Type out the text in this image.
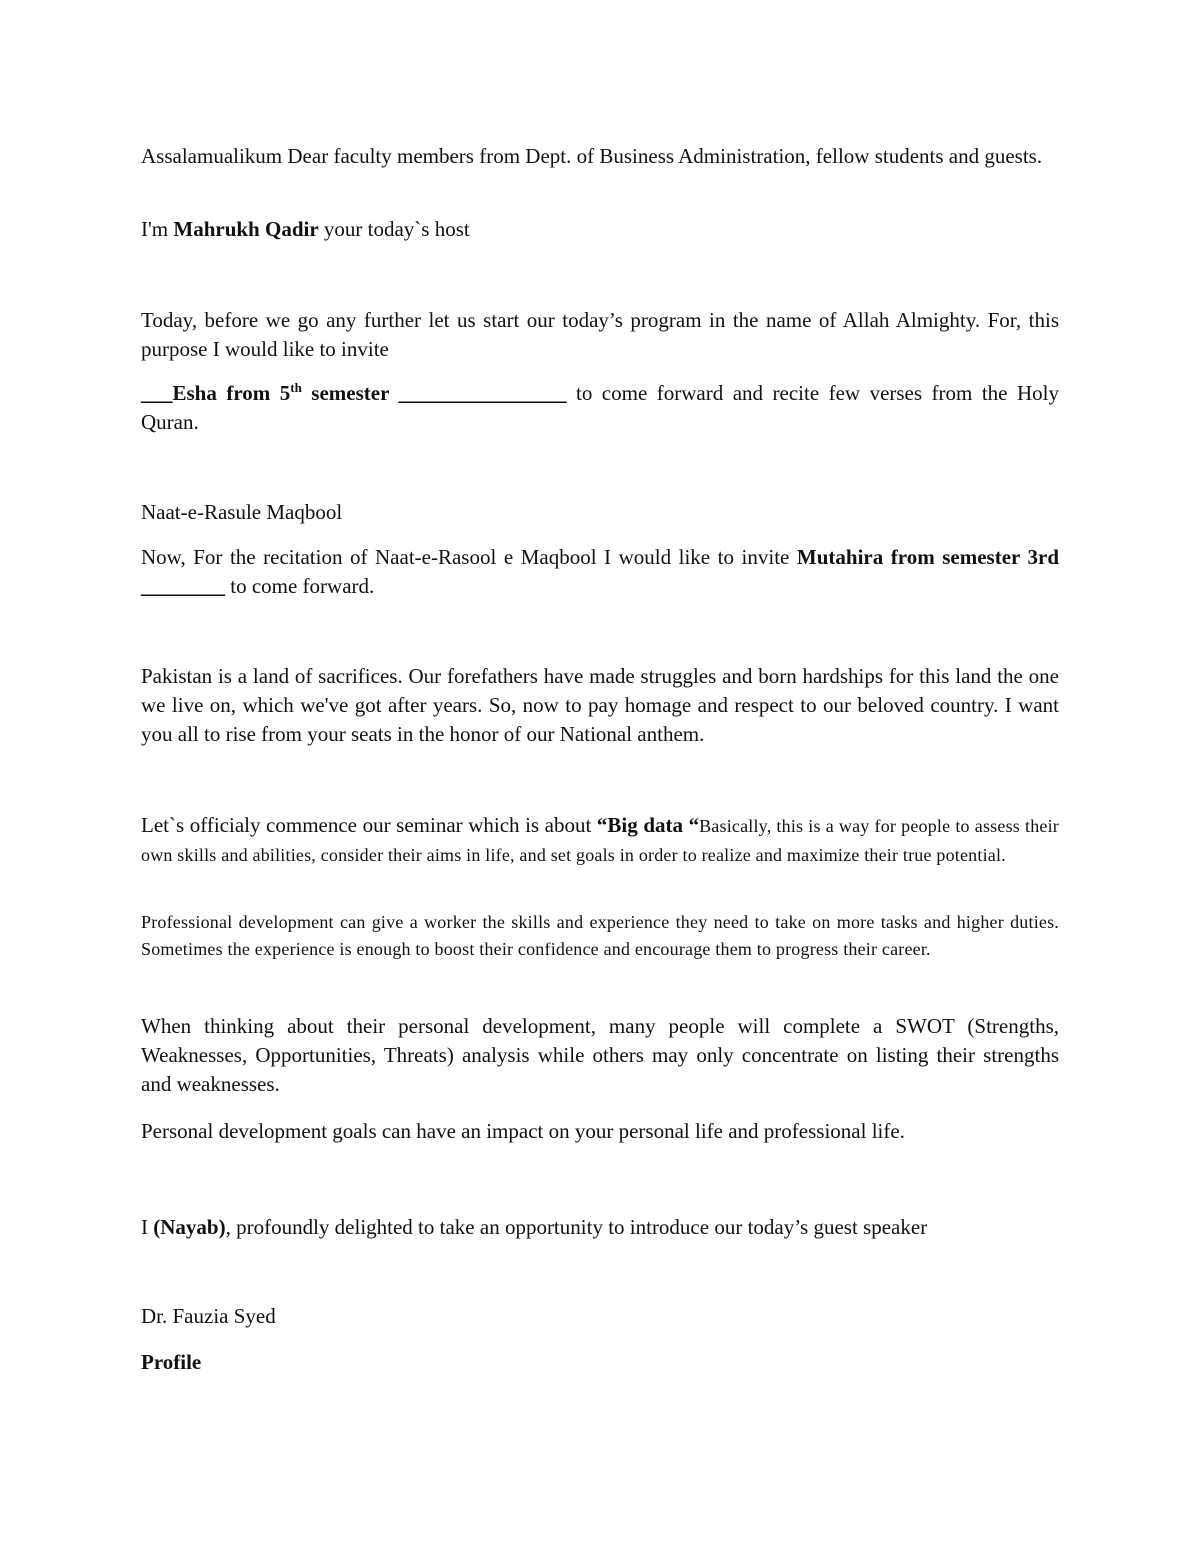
Assalamualikum Dear faculty members from Dept. of Business Administration, fellow students and guests.

I'm Mahrukh Qadir your today`s host

Today, before we go any further let us start our today’s program in the name of Allah Almighty. For, this purpose I would like to invite

___Esha from 5th semester ________________ to come forward and recite few verses from the Holy Quran.

Naat-e-Rasule Maqbool

Now, For the recitation of Naat-e-Rasool e Maqbool I would like to invite Mutahira from semester 3rd ________ to come forward.

Pakistan is a land of sacrifices. Our forefathers have made struggles and born hardships for this land the one we live on, which we've got after years. So, now to pay homage and respect to our beloved country. I want you all to rise from your seats in the honor of our National anthem.

Let`s officialy commence our seminar which is about “Big data “Basically, this is a way for people to assess their own skills and abilities, consider their aims in life, and set goals in order to realize and maximize their true potential.

Professional development can give a worker the skills and experience they need to take on more tasks and higher duties. Sometimes the experience is enough to boost their confidence and encourage them to progress their career.

When thinking about their personal development, many people will complete a SWOT (Strengths, Weaknesses, Opportunities, Threats) analysis while others may only concentrate on listing their strengths and weaknesses.

Personal development goals can have an impact on your personal life and professional life.

I (Nayab), profoundly delighted to take an opportunity to introduce our today’s guest speaker

Dr. Fauzia Syed

Profile
